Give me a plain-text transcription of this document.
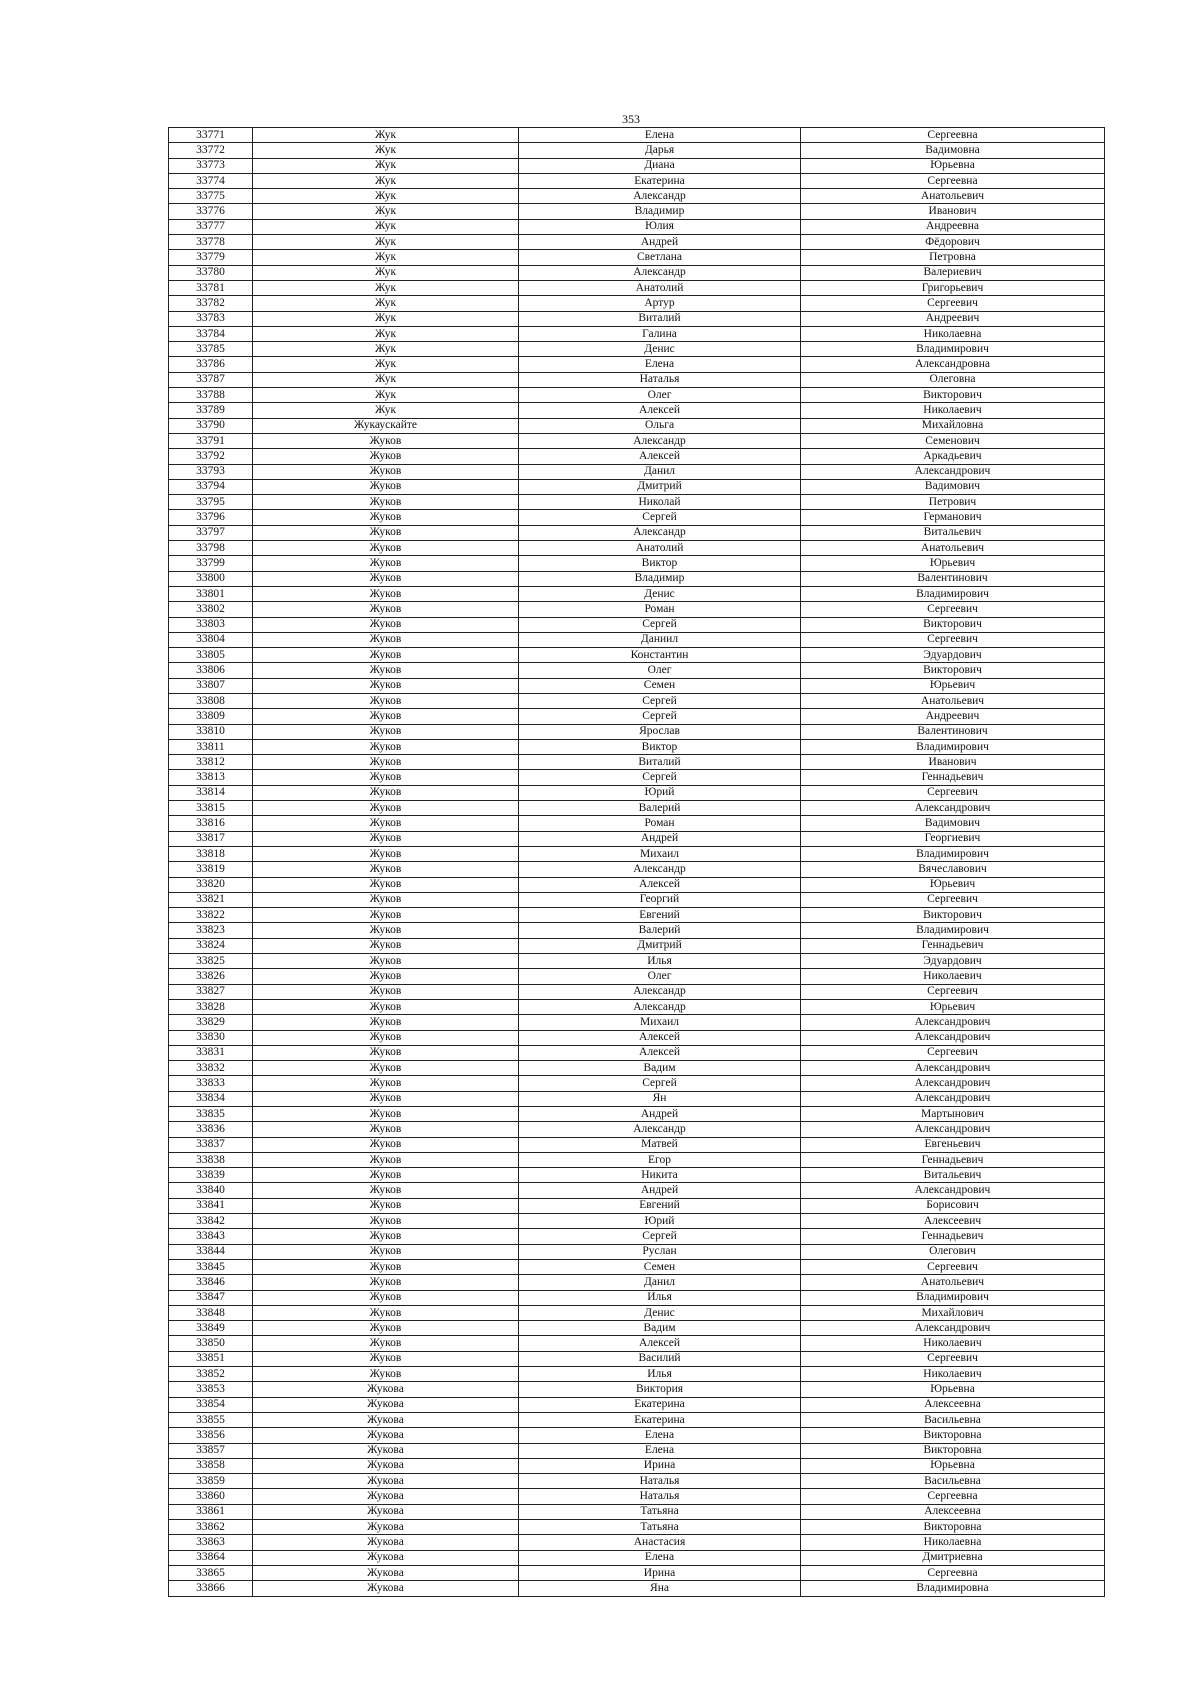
353
33771	Жук	Елена	Сергеевна
33772	Жук	Дарья	Вадимовна
33773	Жук	Диана	Юрьевна
33774	Жук	Екатерина	Сергеевна
33775	Жук	Александр	Анатольевич
33776	Жук	Владимир	Иванович
33777	Жук	Юлия	Андреевна
33778	Жук	Андрей	Фёдорович
33779	Жук	Светлана	Петровна
33780	Жук	Александр	Валериевич
33781	Жук	Анатолий	Григорьевич
33782	Жук	Артур	Сергеевич
33783	Жук	Виталий	Андреевич
33784	Жук	Галина	Николаевна
33785	Жук	Денис	Владимирович
33786	Жук	Елена	Александровна
33787	Жук	Наталья	Олеговна
33788	Жук	Олег	Викторович
33789	Жук	Алексей	Николаевич
33790	Жукаускайте	Ольга	Михайловна
33791	Жуков	Александр	Семенович
33792	Жуков	Алексей	Аркадьевич
33793	Жуков	Данил	Александрович
33794	Жуков	Дмитрий	Вадимович
33795	Жуков	Николай	Петрович
33796	Жуков	Сергей	Германович
33797	Жуков	Александр	Витальевич
33798	Жуков	Анатолий	Анатольевич
33799	Жуков	Виктор	Юрьевич
33800	Жуков	Владимир	Валентинович
33801	Жуков	Денис	Владимирович
33802	Жуков	Роман	Сергеевич
33803	Жуков	Сергей	Викторович
33804	Жуков	Даниил	Сергеевич
33805	Жуков	Константин	Эдуардович
33806	Жуков	Олег	Викторович
33807	Жуков	Семен	Юрьевич
33808	Жуков	Сергей	Анатольевич
33809	Жуков	Сергей	Андреевич
33810	Жуков	Ярослав	Валентинович
33811	Жуков	Виктор	Владимирович
33812	Жуков	Виталий	Иванович
33813	Жуков	Сергей	Геннадьевич
33814	Жуков	Юрий	Сергеевич
33815	Жуков	Валерий	Александрович
33816	Жуков	Роман	Вадимович
33817	Жуков	Андрей	Георгиевич
33818	Жуков	Михаил	Владимирович
33819	Жуков	Александр	Вячеславович
33820	Жуков	Алексей	Юрьевич
33821	Жуков	Георгий	Сергеевич
33822	Жуков	Евгений	Викторович
33823	Жуков	Валерий	Владимирович
33824	Жуков	Дмитрий	Геннадьевич
33825	Жуков	Илья	Эдуардович
33826	Жуков	Олег	Николаевич
33827	Жуков	Александр	Сергеевич
33828	Жуков	Александр	Юрьевич
33829	Жуков	Михаил	Александрович
33830	Жуков	Алексей	Александрович
33831	Жуков	Алексей	Сергеевич
33832	Жуков	Вадим	Александрович
33833	Жуков	Сергей	Александрович
33834	Жуков	Ян	Александрович
33835	Жуков	Андрей	Мартынович
33836	Жуков	Александр	Александрович
33837	Жуков	Матвей	Евгеньевич
33838	Жуков	Егор	Геннадьевич
33839	Жуков	Никита	Витальевич
33840	Жуков	Андрей	Александрович
33841	Жуков	Евгений	Борисович
33842	Жуков	Юрий	Алексеевич
33843	Жуков	Сергей	Геннадьевич
33844	Жуков	Руслан	Олегович
33845	Жуков	Семен	Сергеевич
33846	Жуков	Данил	Анатольевич
33847	Жуков	Илья	Владимирович
33848	Жуков	Денис	Михайлович
33849	Жуков	Вадим	Александрович
33850	Жуков	Алексей	Николаевич
33851	Жуков	Василий	Сергеевич
33852	Жуков	Илья	Николаевич
33853	Жукова	Виктория	Юрьевна
33854	Жукова	Екатерина	Алексеевна
33855	Жукова	Екатерина	Васильевна
33856	Жукова	Елена	Викторовна
33857	Жукова	Елена	Викторовна
33858	Жукова	Ирина	Юрьевна
33859	Жукова	Наталья	Васильевна
33860	Жукова	Наталья	Сергеевна
33861	Жукова	Татьяна	Алексеевна
33862	Жукова	Татьяна	Викторовна
33863	Жукова	Анастасия	Николаевна
33864	Жукова	Елена	Дмитриевна
33865	Жукова	Ирина	Сергеевна
33866	Жукова	Яна	Владимировна
